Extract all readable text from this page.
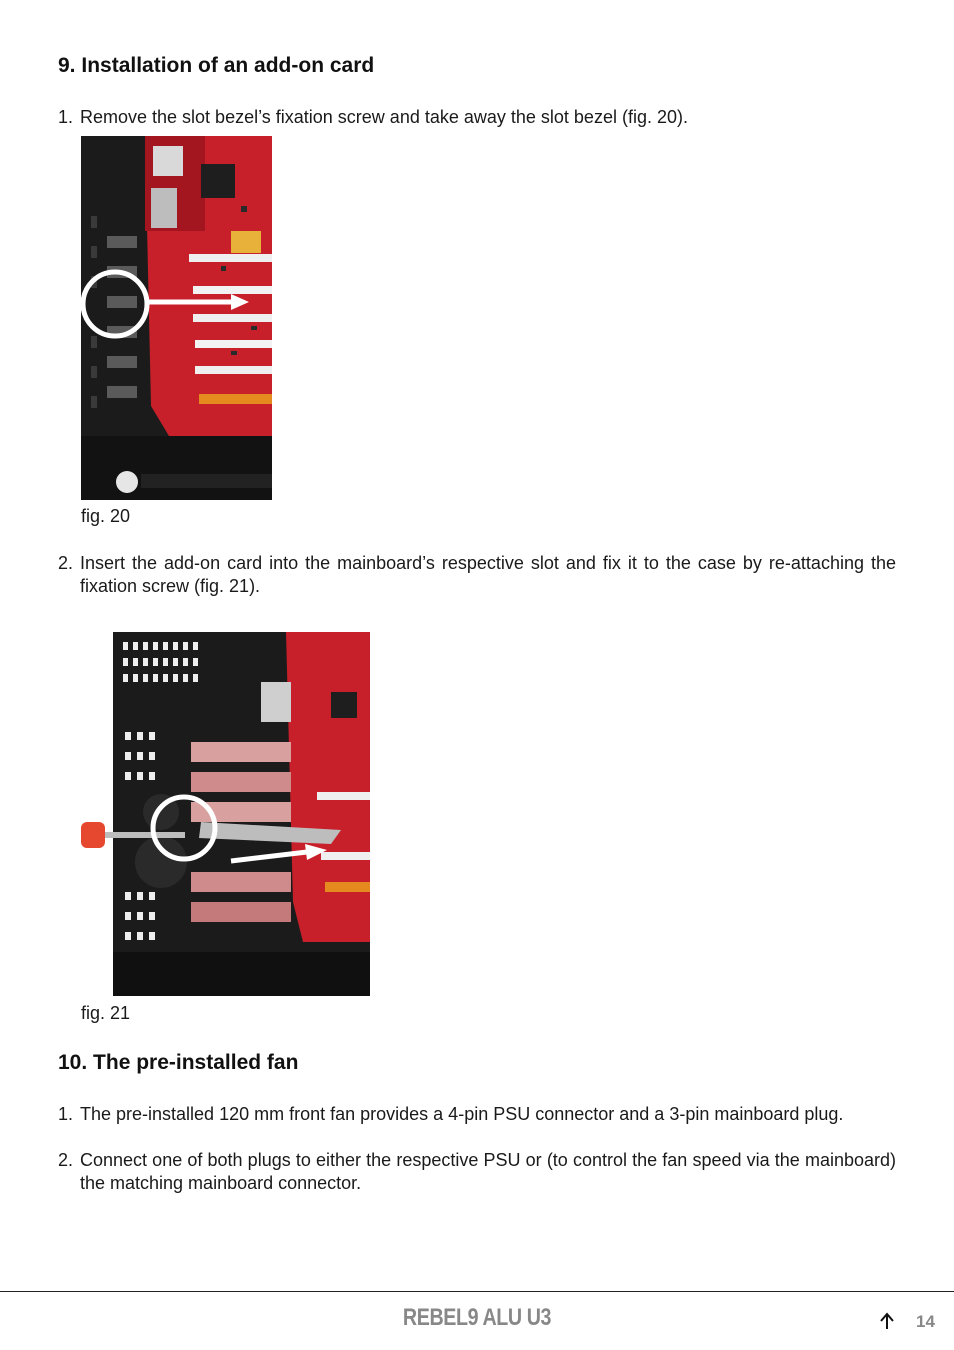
9. Installation of an add-on card
1. Remove the slot bezel’s fixation screw and take away the slot bezel (fig. 20).
fig. 20
2. Insert the add-on card into the mainboard’s respective slot and fix it to the case by re-attaching the fixation screw (fig. 21).
fig. 21
10. The pre-installed fan
1. The pre-installed 120 mm front fan provides a 4-pin PSU connector and a 3-pin mainboard plug.
2. Connect one of both plugs to either the respective PSU or (to control the fan speed via the mainboard) the matching mainboard connector.
REBEL9 ALU U3	14
